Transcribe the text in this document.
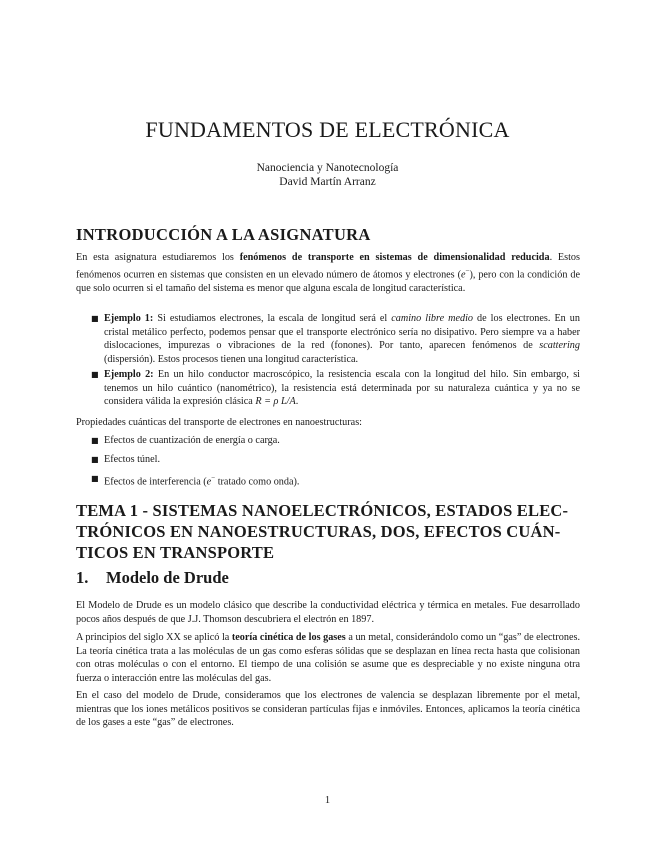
FUNDAMENTOS DE ELECTRÓNICA
Nanociencia y Nanotecnología
David Martín Arranz
INTRODUCCIÓN A LA ASIGNATURA
En esta asignatura estudiaremos los fenómenos de transporte en sistemas de dimensionalidad reducida. Estos fenómenos ocurren en sistemas que consisten en un elevado número de átomos y electrones (e−), pero con la condición de que solo ocurren si el tamaño del sistema es menor que alguna escala de longitud característica.
■ Ejemplo 1: Si estudiamos electrones, la escala de longitud será el camino libre medio de los electrones. En un cristal metálico perfecto, podemos pensar que el transporte electrónico sería no disipativo. Pero siempre va a haber dislocaciones, impurezas o vibraciones de la red (fonones). Por tanto, aparecen fenómenos de scattering (dispersión). Estos procesos tienen una longitud característica.
■ Ejemplo 2: En un hilo conductor macroscópico, la resistencia escala con la longitud del hilo. Sin embargo, si tenemos un hilo cuántico (nanométrico), la resistencia está determinada por su naturaleza cuántica y ya no se considera válida la expresión clásica R = ρ L/A.
Propiedades cuánticas del transporte de electrones en nanoestructuras:
■ Efectos de cuantización de energía o carga.
■ Efectos túnel.
■ Efectos de interferencia (e− tratado como onda).
TEMA 1 - SISTEMAS NANOELECTRÓNICOS, ESTADOS ELEC-
TRÓNICOS EN NANOESTRUCTURAS, DOS, EFECTOS CUÁN-
TICOS EN TRANSPORTE
1. Modelo de Drude
El Modelo de Drude es un modelo clásico que describe la conductividad eléctrica y térmica en metales. Fue desarrollado pocos años después de que J.J. Thomson descubriera el electrón en 1897.
A principios del siglo XX se aplicó la teoría cinética de los gases a un metal, considerándolo como un “gas” de electrones. La teoría cinética trata a las moléculas de un gas como esferas sólidas que se desplazan en línea recta hasta que colisionan con otras moléculas o con el entorno. El tiempo de una colisión se asume que es despreciable y no existe ninguna otra fuerza o interacción entre las moléculas del gas.
En el caso del modelo de Drude, consideramos que los electrones de valencia se desplazan libremente por el metal, mientras que los iones metálicos positivos se consideran partículas fijas e inmóviles. Entonces, aplicamos la teoría cinética de los gases a este “gas” de electrones.
1
